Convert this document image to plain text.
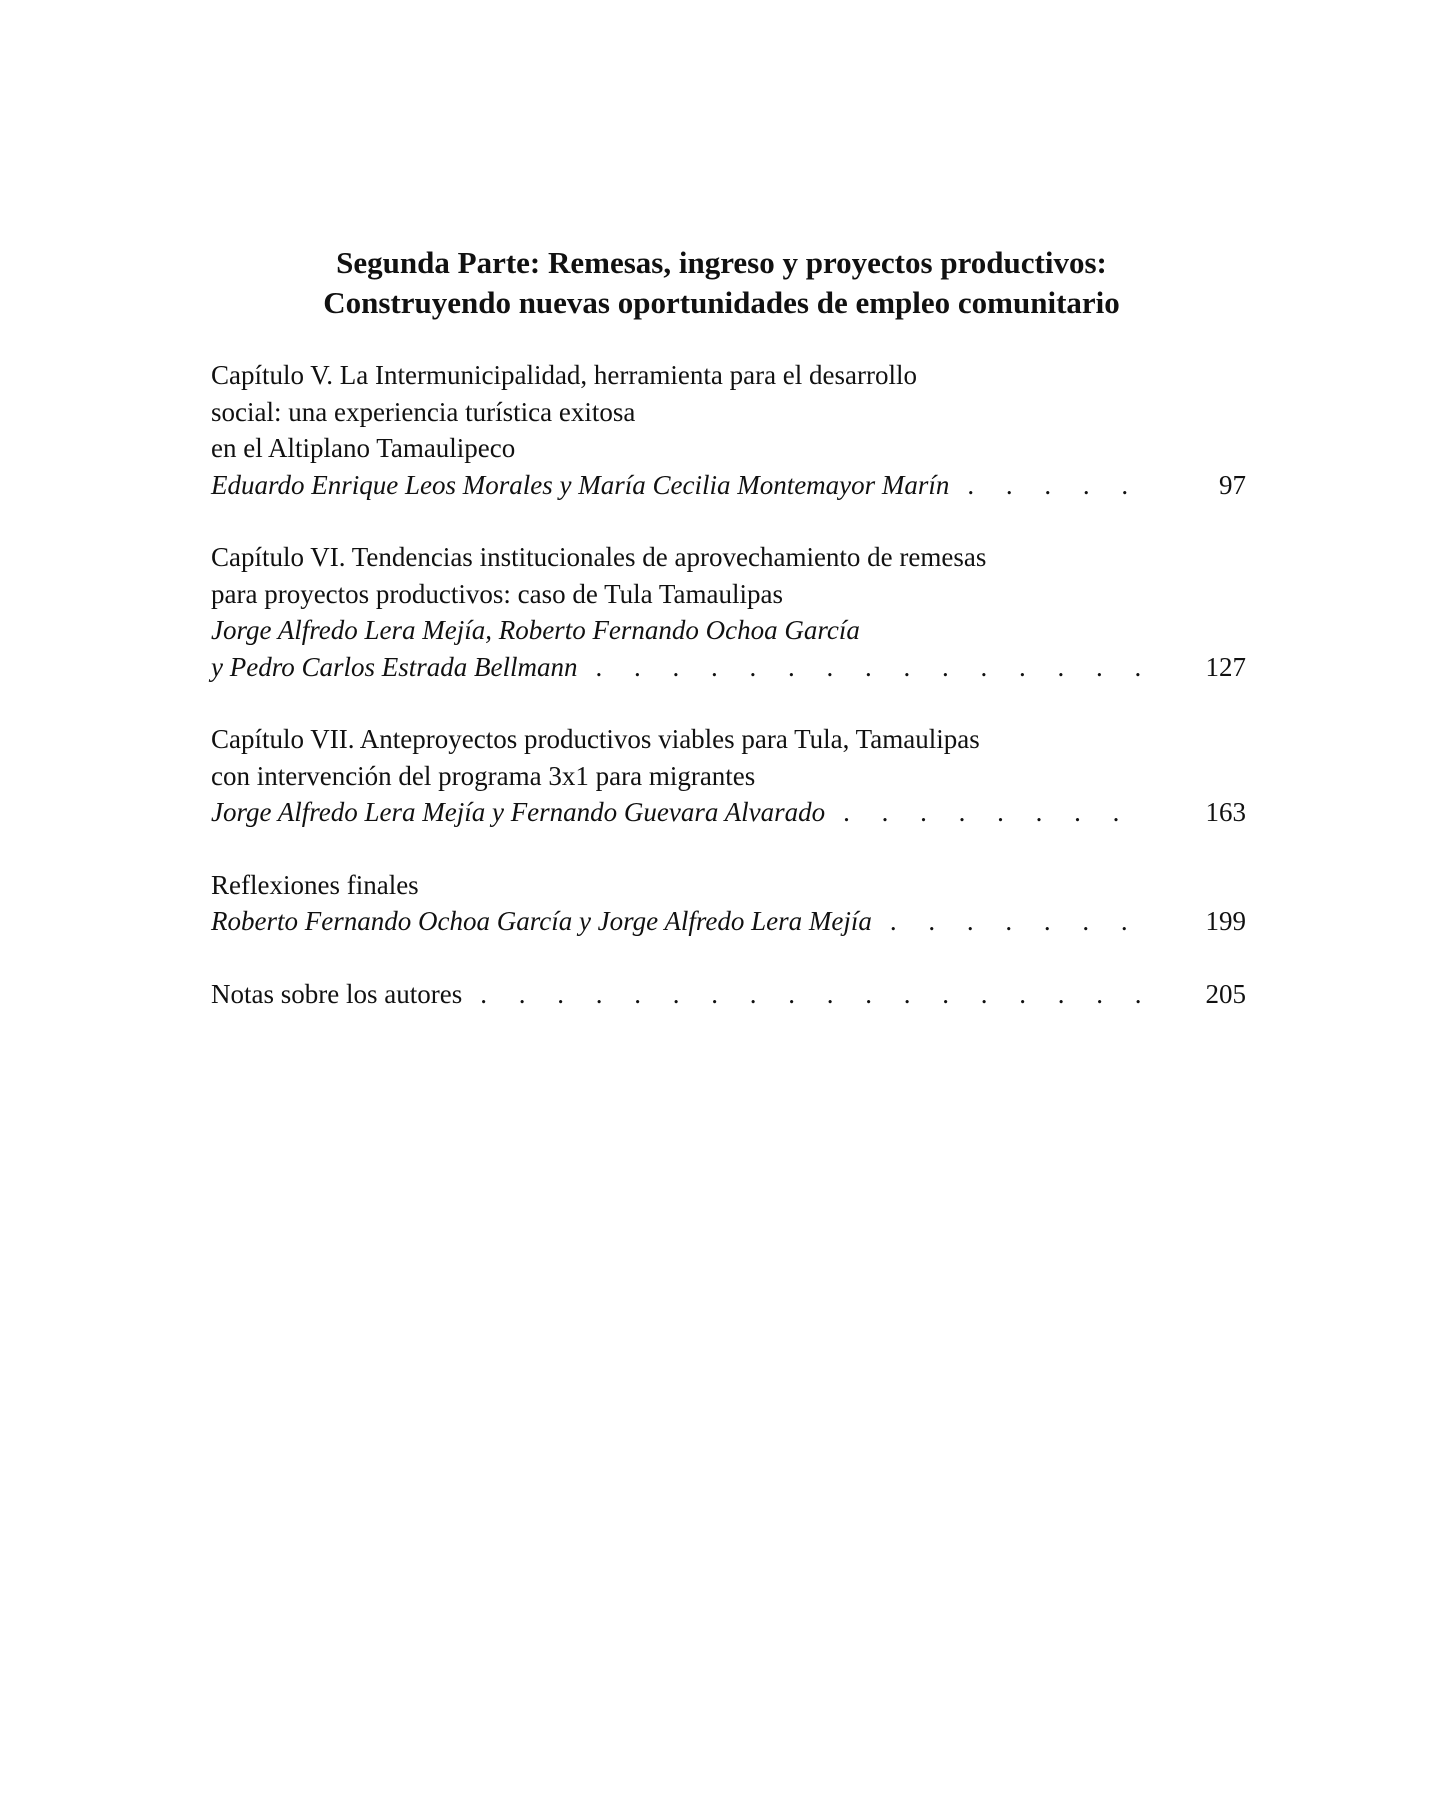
Segunda Parte: Remesas, ingreso y proyectos productivos:
Construyendo nuevas oportunidades de empleo comunitario
Capítulo V. La Intermunicipalidad, herramienta para el desarrollo
social: una experiencia turística exitosa
en el Altiplano Tamaulipeco
Eduardo Enrique Leos Morales y María Cecilia Montemayor Marín . . .	97
Capítulo VI. Tendencias institucionales de aprovechamiento de remesas
para proyectos productivos: caso de Tula Tamaulipas
Jorge Alfredo Lera Mejía, Roberto Fernando Ochoa García
y Pedro Carlos Estrada Bellmann . . .	127
Capítulo VII. Anteproyectos productivos viables para Tula, Tamaulipas
con intervención del programa 3x1 para migrantes
Jorge Alfredo Lera Mejía y Fernando Guevara Alvarado . . .	163
Reflexiones finales
Roberto Fernando Ochoa García y Jorge Alfredo Lera Mejía . . .	199
Notas sobre los autores . . .	205
